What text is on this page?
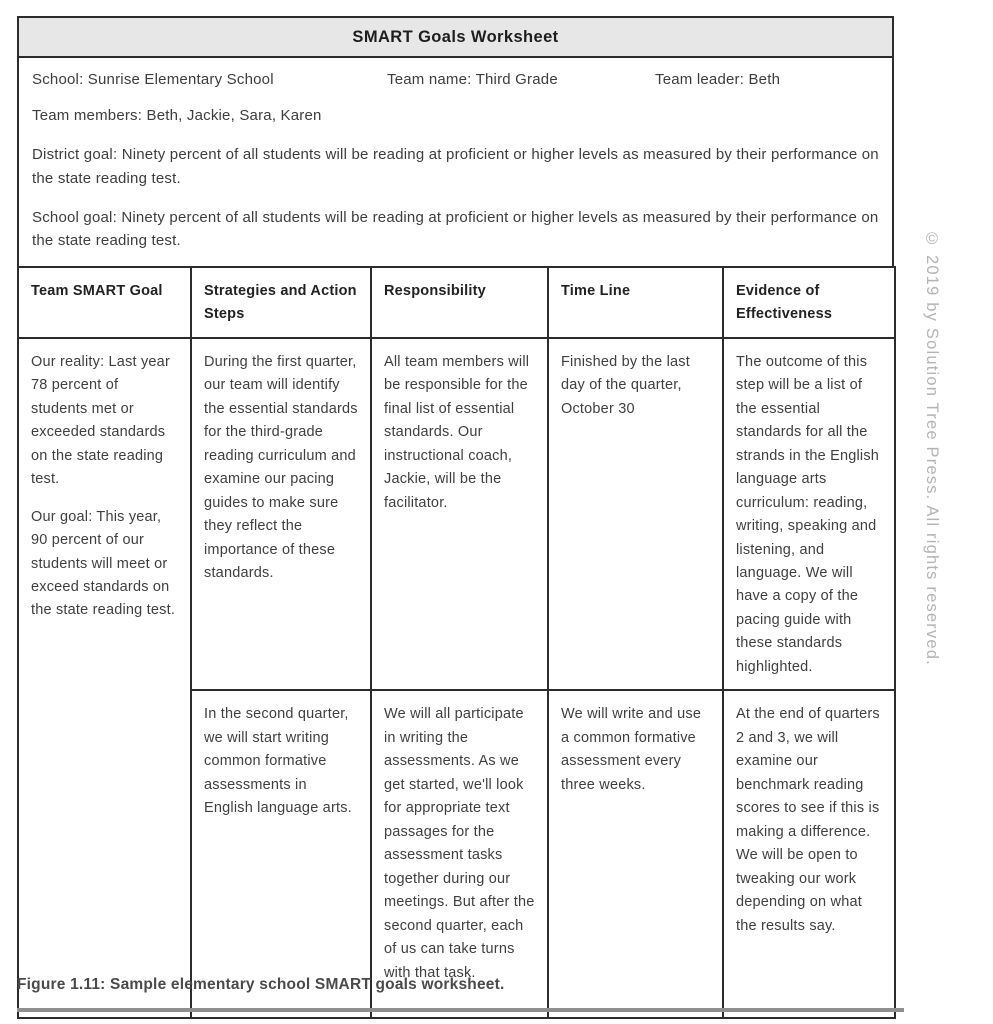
SMART Goals Worksheet
School: Sunrise Elementary School	Team name: Third Grade	Team leader: Beth

Team members: Beth, Jackie, Sara, Karen

District goal: Ninety percent of all students will be reading at proficient or higher levels as measured by their performance on the state reading test.

School goal: Ninety percent of all students will be reading at proficient or higher levels as measured by their performance on the state reading test.

Team SMART Goal	Strategies and Action Steps	Responsibility	Time Line	Evidence of Effectiveness

Our reality: Last year 78 percent of students met or exceeded standards on the state reading test.
Our goal: This year, 90 percent of our students will meet or exceed standards on the state reading test.
	During the first quarter, our team will identify the essential standards for the third-grade reading curriculum and examine our pacing guides to make sure they reflect the importance of these standards.	All team members will be responsible for the final list of essential standards. Our instructional coach, Jackie, will be the facilitator.	Finished by the last day of the quarter, October 30	The outcome of this step will be a list of the essential standards for all the strands in the English language arts curriculum: reading, writing, speaking and listening, and language. We will have a copy of the pacing guide with these standards highlighted.
	In the second quarter, we will start writing common formative assessments in English language arts.	We will all participate in writing the assessments. As we get started, we'll look for appropriate text passages for the assessment tasks together during our meetings. But after the second quarter, each of us can take turns with that task.	We will write and use a common formative assessment every three weeks.	At the end of quarters 2 and 3, we will examine our benchmark reading scores to see if this is making a difference. We will be open to tweaking our work depending on what the results say.
Figure 1.11: Sample elementary school SMART goals worksheet.
© 2019 by Solution Tree Press. All rights reserved.
